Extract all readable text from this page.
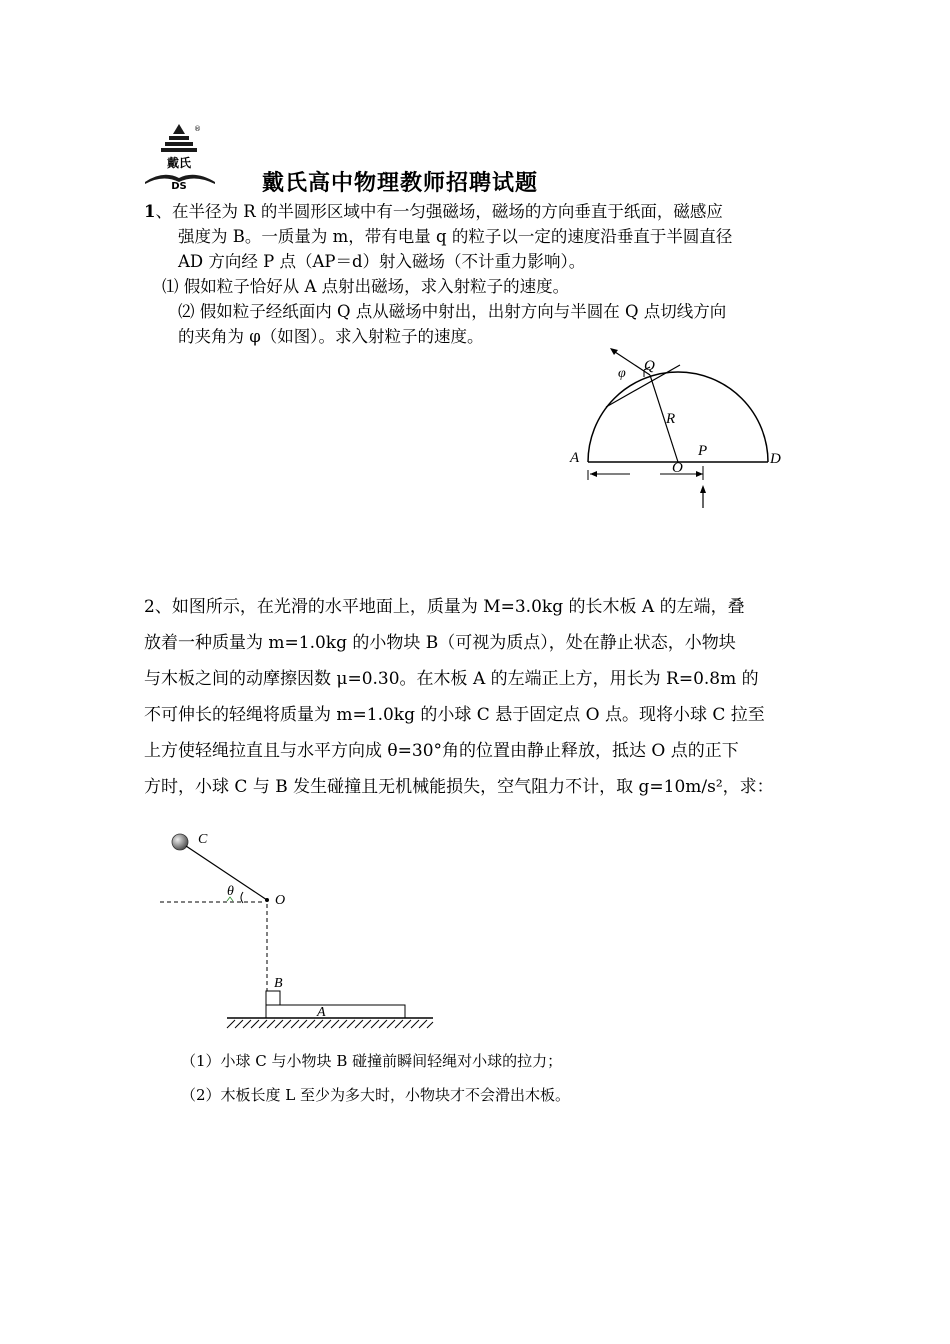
戴氏
DS
®
戴氏高中物理教师招聘试题
1、在半径为 R 的半圆形区域中有一匀强磁场，磁场的方向垂直于纸面，磁感应
强度为 B。一质量为 m，带有电量 q 的粒子以一定的速度沿垂直于半圆直径
AD 方向经 P 点（AP＝d）射入磁场（不计重力影响）。
⑴ 假如粒子恰好从 A 点射出磁场，求入射粒子的速度。
⑵ 假如粒子经纸面内 Q 点从磁场中射出，出射方向与半圆在 Q 点切线方向
的夹角为 φ（如图）。求入射粒子的速度。
φ Q
R
A	P
O
D
2、如图所示，在光滑的水平地面上，质量为 M=3.0kg 的长木板 A 的左端，叠
放着一种质量为 m=1.0kg 的小物块 B（可视为质点），处在静止状态，小物块
与木板之间的动摩擦因数 μ=0.30。在木板 A 的左端正上方，用长为 R=0.8m 的
不可伸长的轻绳将质量为 m=1.0kg 的小球 C 悬于固定点 O 点。现将小球 C 拉至
上方使轻绳拉直且与水平方向成 θ=30°角的位置由静止释放，抵达 O 点的正下
方时，小球 C 与 B 发生碰撞且无机械能损失，空气阻力不计，取 g=10m/s²，求：
C
θ
O
B
A
（1）小球 C 与小物块 B 碰撞前瞬间轻绳对小球的拉力；
（2）木板长度 L 至少为多大时，小物块才不会滑出木板。
